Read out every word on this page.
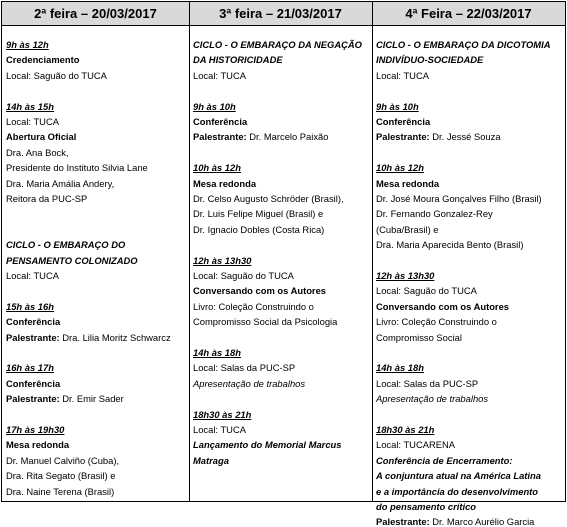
2ª feira – 20/03/2017	3ª feira – 21/03/2017	4ª Feira – 22/03/2017
9h às 12h
Credenciamento
Local: Saguão do TUCA
14h às 15h
Local: TUCA
Abertura Oficial
Dra. Ana Bock,
Presidente do Instituto Silvia Lane
Dra. Maria Amália Andery,
Reitora da PUC-SP
CICLO - O EMBARAÇO DO
PENSAMENTO COLONIZADO
Local: TUCA
15h às 16h
Conferência
Palestrante: Dra. Lilia Moritz Schwarcz
16h às 17h
Conferência
Palestrante: Dr. Emir Sader
17h às 19h30
Mesa redonda
Dr. Manuel Calviño (Cuba),
Dra. Rita Segato (Brasil) e
Dra. Naine Terena (Brasil)
CICLO - O EMBARAÇO DA NEGAÇÃO
DA HISTORICIDADE
Local: TUCA
9h às 10h
Conferência
Palestrante: Dr. Marcelo Paixão
10h às 12h
Mesa redonda
Dr. Celso Augusto Schröder (Brasil),
Dr. Luis Felipe Miguel (Brasil) e
Dr. Ignacio Dobles (Costa Rica)
12h às 13h30
Local: Saguão do TUCA
Conversando com os Autores
Livro: Coleção Construindo o
Compromisso Social da Psicologia
14h às 18h
Local: Salas da PUC-SP
Apresentação de trabalhos
18h30 às 21h
Local: TUCA
Lançamento do Memorial Marcus
Matraga
CICLO - O EMBARAÇO DA DICOTOMIA
INDIVÍDUO-SOCIEDADE
Local: TUCA
9h às 10h
Conferência
Palestrante: Dr. Jessé Souza
10h às 12h
Mesa redonda
Dr. José Moura Gonçalves Filho (Brasil)
Dr. Fernando Gonzalez-Rey
(Cuba/Brasil) e
Dra. Maria Aparecida Bento (Brasil)
12h às 13h30
Local: Saguão do TUCA
Conversando com os Autores
Livro: Coleção Construindo o
Compromisso Social
14h às 18h
Local: Salas da PUC-SP
Apresentação de trabalhos
18h30 às 21h
Local: TUCARENA
Conferência de Encerramento:
A conjuntura atual na América Latina
e a importância do desenvolvimento
do pensamento crítico
Palestrante: Dr. Marco Aurélio Garcia
